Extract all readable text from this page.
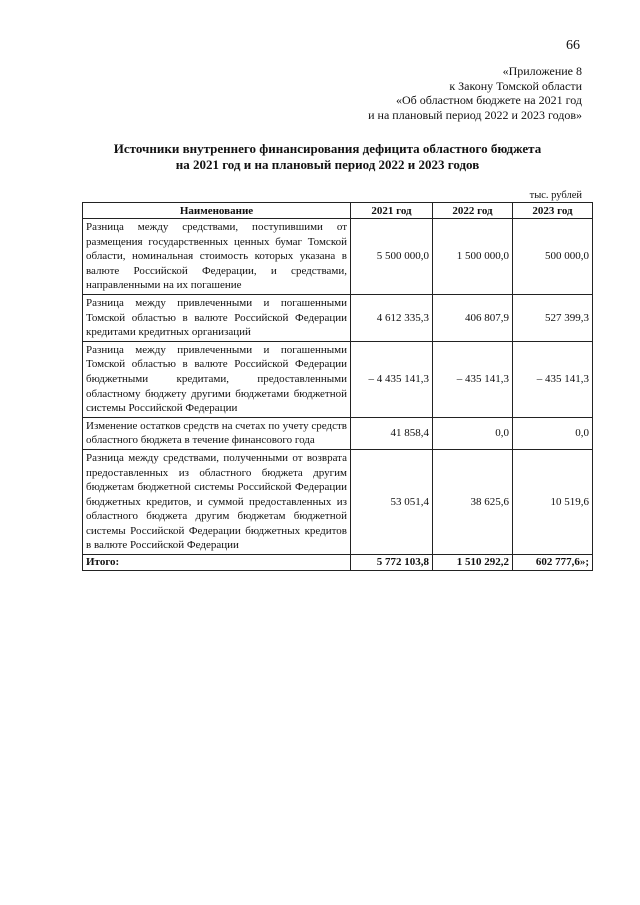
66
«Приложение 8
к Закону Томской области
«Об областном бюджете на 2021 год
и на плановый период 2022 и 2023 годов»
Источники внутреннего финансирования дефицита областного бюджета
на 2021 год и на плановый период 2022 и 2023 годов
тыс. рублей
Наименование	2021 год	2022 год	2023 год
Разница между средствами, поступившими от размещения государственных ценных бумаг Томской области, номинальная стоимость которых указана в валюте Российской Федерации, и средствами, направленными на их погашение	5 500 000,0	1 500 000,0	500 000,0
Разница между привлеченными и погашенными Томской областью в валюте Российской Федерации кредитами кредитных организаций	4 612 335,3	406 807,9	527 399,3
Разница между привлеченными и погашенными Томской областью в валюте Российской Федерации бюджетными кредитами, предоставленными областному бюджету другими бюджетами бюджетной системы Российской Федерации	– 4 435 141,3	– 435 141,3	– 435 141,3
Изменение остатков средств на счетах по учету средств областного бюджета в течение финансового года	41 858,4	0,0	0,0
Разница между средствами, полученными от возврата предоставленных из областного бюджета другим бюджетам бюджетной системы Российской Федерации бюджетных кредитов, и суммой предоставленных из областного бюджета другим бюджетам бюджетной системы Российской Федерации бюджетных кредитов в валюте Российской Федерации	53 051,4	38 625,6	10 519,6
Итого:	5 772 103,8	1 510 292,2	602 777,6»;
